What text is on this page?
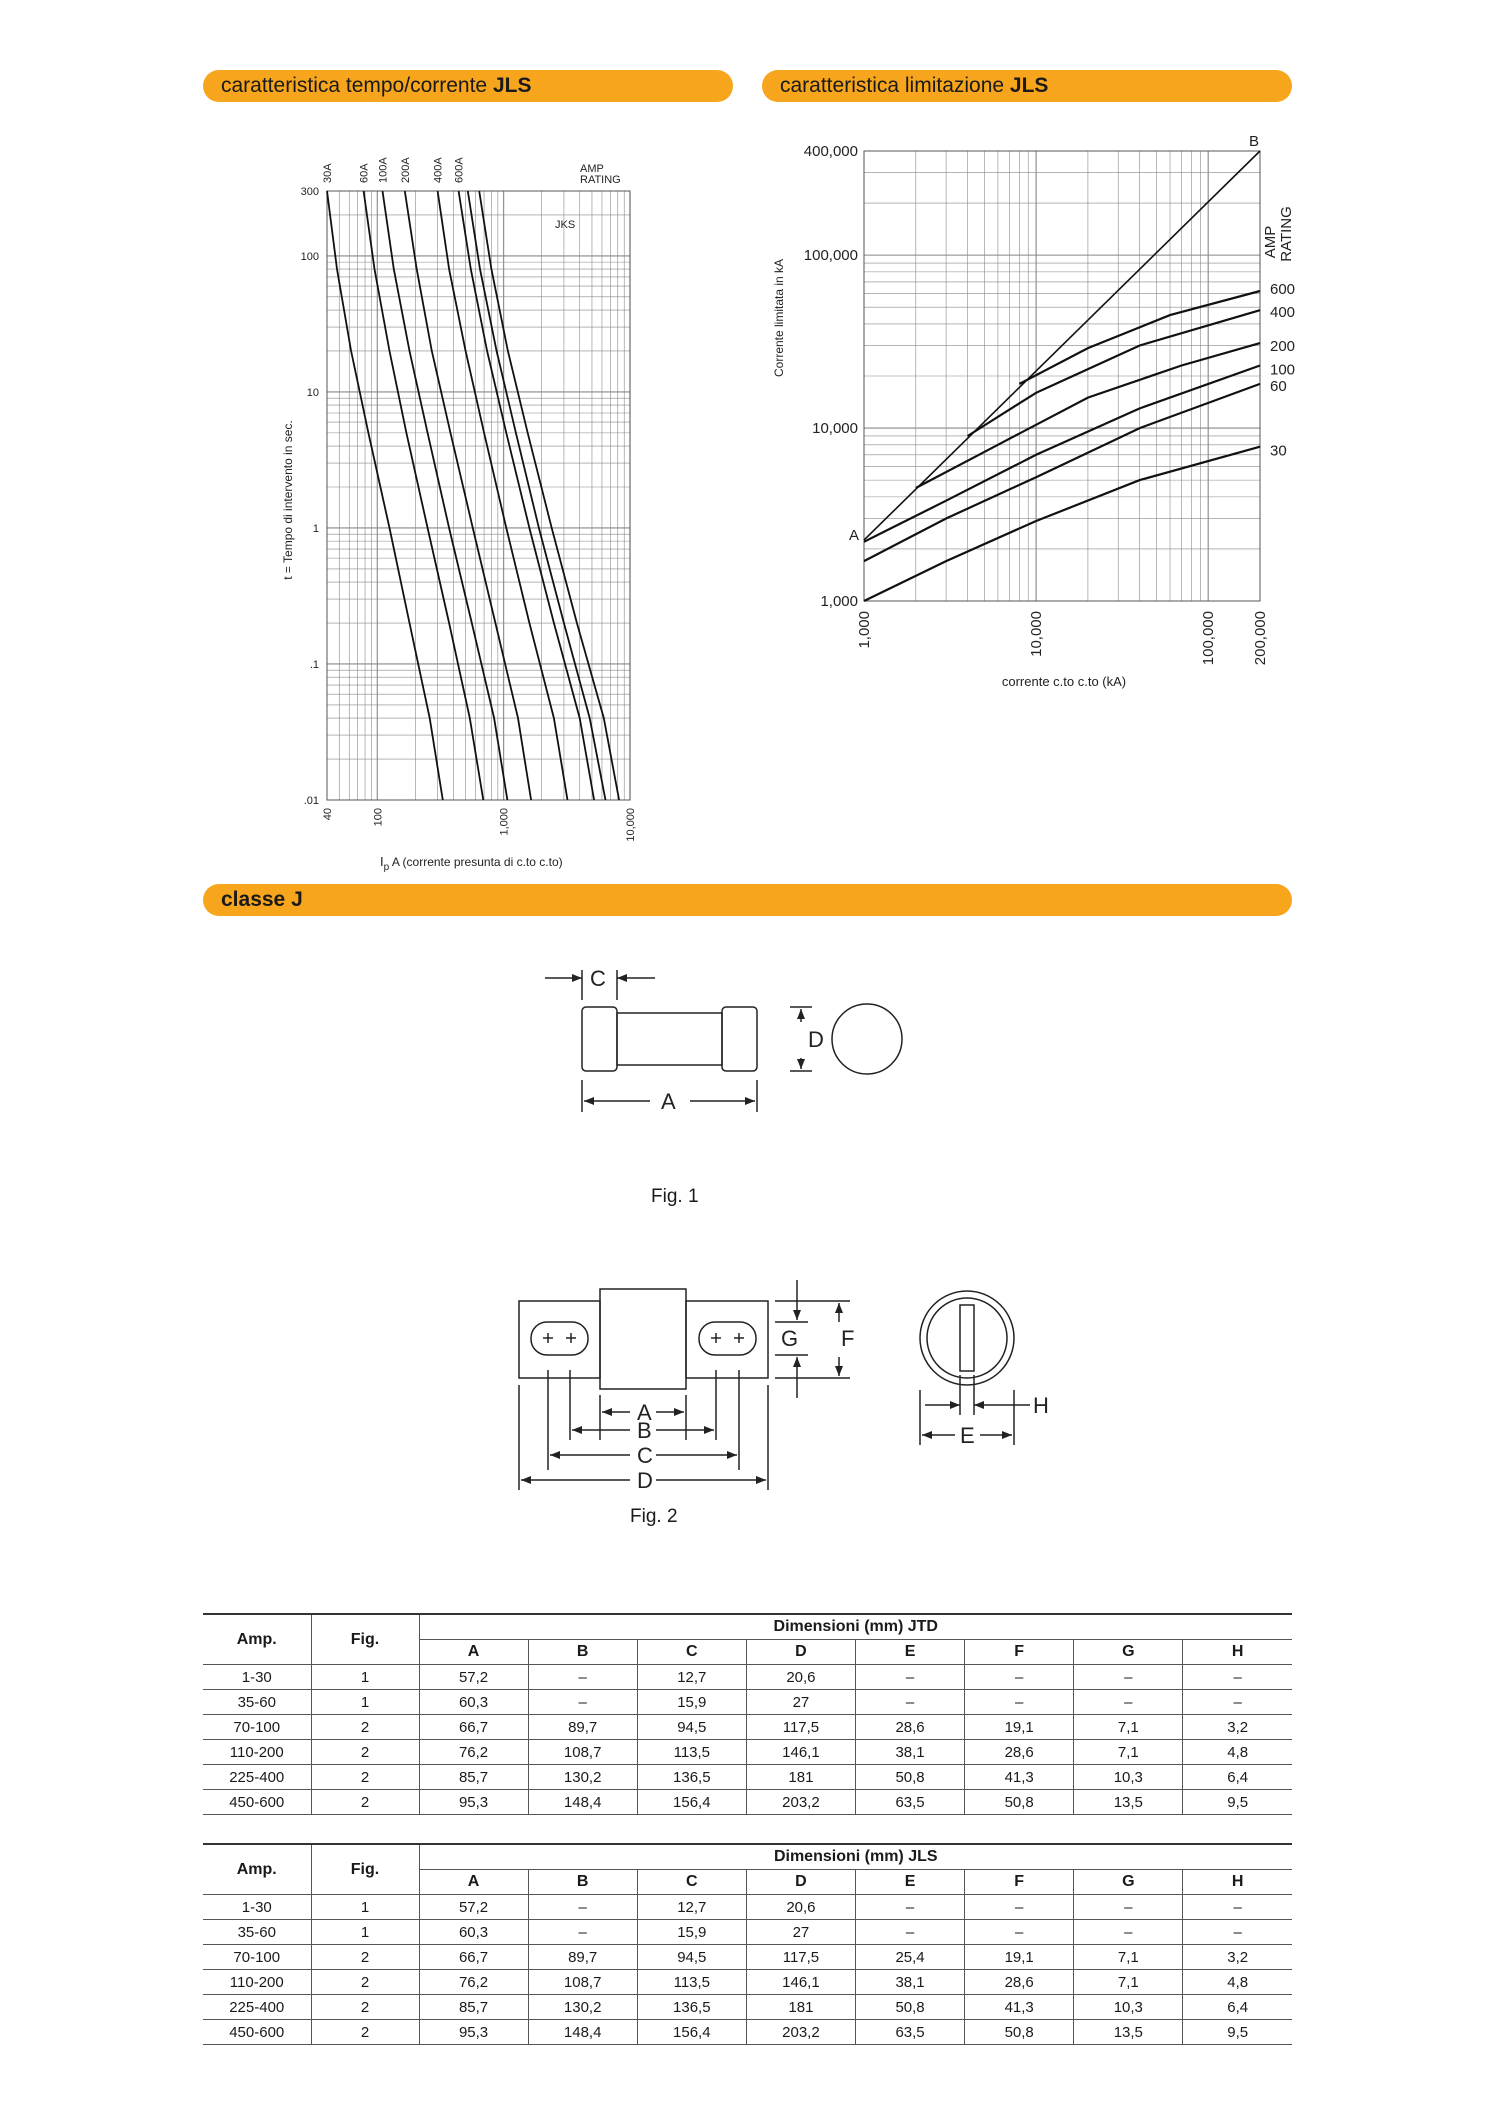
caratteristica tempo/corrente JLS	caratteristica limitazione JLS
classe J
40	100	1,000	10,000
300
100
10
1
.1
.01
30A 60A 100A 200A 400A 600A
t = Tempo di intervento in sec.
$I_p$ A (corrente presunta di c.to c.to)
AMP
RATING
JKS
600
400
200
100
60
30
1,000	10,000	100,000 200,000
400,000
100,000
10,000
1,000
Corrente limitata in kA
corrente c.to c.to (kA)
AMP RATING
A
B
C
A
D
Fig. 1
A
B
C
D
G F
H
E
Fig. 2
Amp.	Fig.	Dimensioni (mm) JTD							
		A	B	C	D	E	F	G	H
1-30	1	57,2	–	12,7	20,6	–	–	–	–
35-60	1	60,3	–	15,9	27	–	–	–	–
70-100	2	66,7	89,7	94,5	117,5	28,6	19,1	7,1	3,2
110-200	2	76,2	108,7	113,5	146,1	38,1	28,6	7,1	4,8
225-400	2	85,7	130,2	136,5	181	50,8	41,3	10,3	6,4
450-600	2	95,3	148,4	156,4	203,2	63,5	50,8	13,5	9,5
Amp.	Fig.	Dimensioni (mm) JLS							
		A	B	C	D	E	F	G	H
1-30	1	57,2	–	12,7	20,6	–	–	–	–
35-60	1	60,3	–	15,9	27	–	–	–	–
70-100	2	66,7	89,7	94,5	117,5	25,4	19,1	7,1	3,2
110-200	2	76,2	108,7	113,5	146,1	38,1	28,6	7,1	4,8
225-400	2	85,7	130,2	136,5	181	50,8	41,3	10,3	6,4
450-600	2	95,3	148,4	156,4	203,2	63,5	50,8	13,5	9,5
